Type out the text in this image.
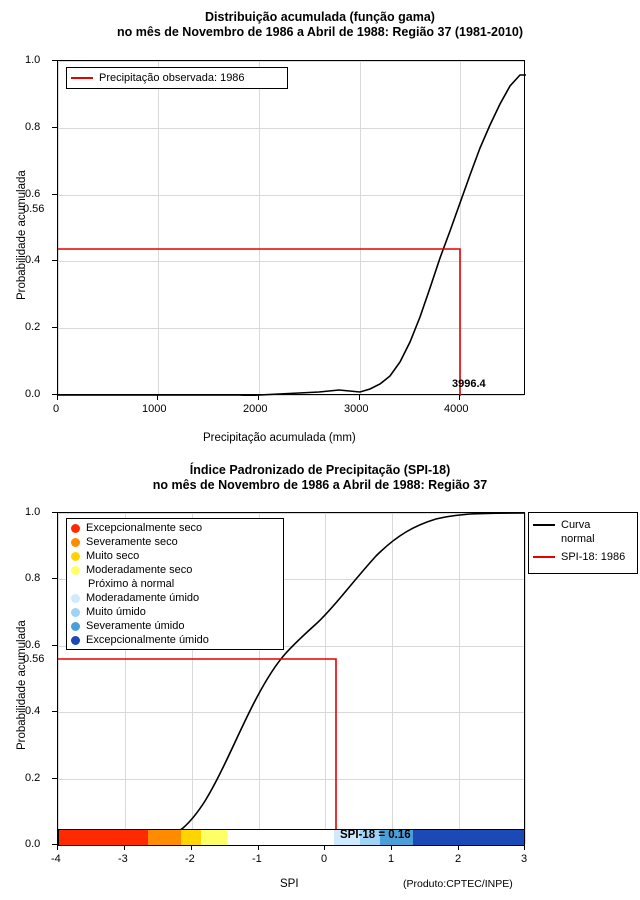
Distribuição acumulada (função gama)
no mês de Novembro de 1986 a Abril de 1988: Região 37 (1981-2010)
Precipitação observada: 1986
1.0
0.8
0.6
0.4
0.2
0.0
0.56
0	1000	2000	3000	4000
3996.4
Precipitação acumulada (mm)
Probabilidade acumulada
Índice Padronizado de Precipitação (SPI-18)
no mês de Novembro de 1986 a Abril de 1988: Região 37
Excepcionalmente seco
Severamente seco
Muito seco
Moderadamente seco
Próximo à normal
Moderadamente úmido
Muito úmido
Severamente úmido
Excepcionalmente úmido
Curva
normal
SPI-18: 1986
1.0
0.8
0.6
0.4
0.2
0.0
0.56
-4	-3	-2	-1	0	1	2	3
SPI-18 = 0.16
SPI
Probabilidade acumulada
(Produto:CPTEC/INPE)
